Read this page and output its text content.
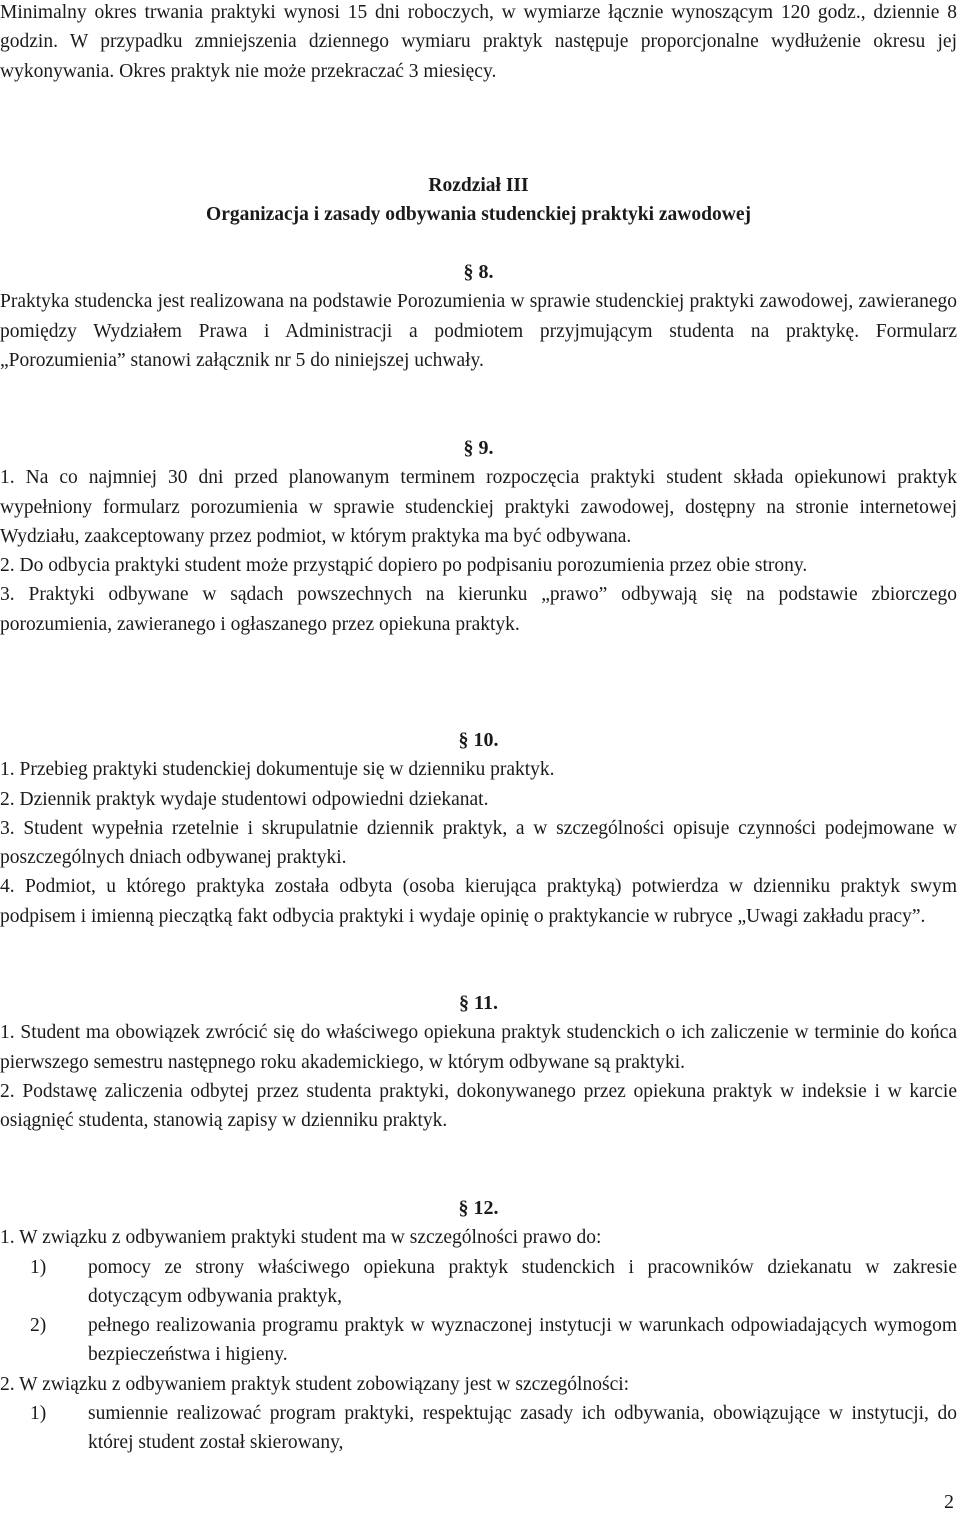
Minimalny okres trwania praktyki wynosi 15 dni roboczych, w wymiarze łącznie wynoszącym 120 godz., dziennie 8 godzin. W przypadku zmniejszenia dziennego wymiaru praktyk następuje proporcjonalne wydłużenie okresu jej wykonywania. Okres praktyk nie może przekraczać 3 miesięcy.

Rozdział III

Organizacja i zasady odbywania studenckiej praktyki zawodowej

§ 8.

Praktyka studencka jest realizowana na podstawie Porozumienia w sprawie studenckiej praktyki zawodowej, zawieranego pomiędzy Wydziałem Prawa i Administracji a podmiotem przyjmującym studenta na praktykę. Formularz „Porozumienia” stanowi załącznik nr 5 do niniejszej uchwały.

§ 9.

1. Na co najmniej 30 dni przed planowanym terminem rozpoczęcia praktyki student składa opiekunowi praktyk wypełniony formularz porozumienia w sprawie studenckiej praktyki zawodowej, dostępny na stronie internetowej Wydziału, zaakceptowany przez podmiot, w którym praktyka ma być odbywana.

2. Do odbycia praktyki student może przystąpić dopiero po podpisaniu porozumienia przez obie strony.

3. Praktyki odbywane w sądach powszechnych na kierunku „prawo” odbywają się na podstawie zbiorczego porozumienia, zawieranego i ogłaszanego przez opiekuna praktyk.

§ 10.

1. Przebieg praktyki studenckiej dokumentuje się w dzienniku praktyk.

2. Dziennik praktyk wydaje studentowi odpowiedni dziekanat.

3. Student wypełnia rzetelnie i skrupulatnie dziennik praktyk, a w szczególności opisuje czynności podejmowane w poszczególnych dniach odbywanej praktyki.

4. Podmiot, u którego praktyka została odbyta (osoba kierująca praktyką) potwierdza w dzienniku praktyk swym podpisem i imienną pieczątką fakt odbycia praktyki i wydaje opinię o praktykancie w rubryce „Uwagi zakładu pracy”.

§ 11.

1. Student ma obowiązek zwrócić się do właściwego opiekuna praktyk studenckich o ich zaliczenie w terminie do końca pierwszego semestru następnego roku akademickiego, w którym odbywane są praktyki.

2. Podstawę zaliczenia odbytej przez studenta praktyki, dokonywanego przez opiekuna praktyk w indeksie i w karcie osiągnięć studenta, stanowią zapisy w dzienniku praktyk.

§ 12.

1. W związku z odbywaniem praktyki student ma w szczególności prawo do:

1)	pomocy ze strony właściwego opiekuna praktyk studenckich i pracowników dziekanatu w zakresie dotyczącym odbywania praktyk,
2)	pełnego realizowania programu praktyk w wyznaczonej instytucji w warunkach odpowiadających wymogom bezpieczeństwa i higieny.

2. W związku z odbywaniem praktyk student zobowiązany jest w szczególności:

1)	sumiennie realizować program praktyki, respektując zasady ich odbywania, obowiązujące w instytucji, do której student został skierowany,
2
